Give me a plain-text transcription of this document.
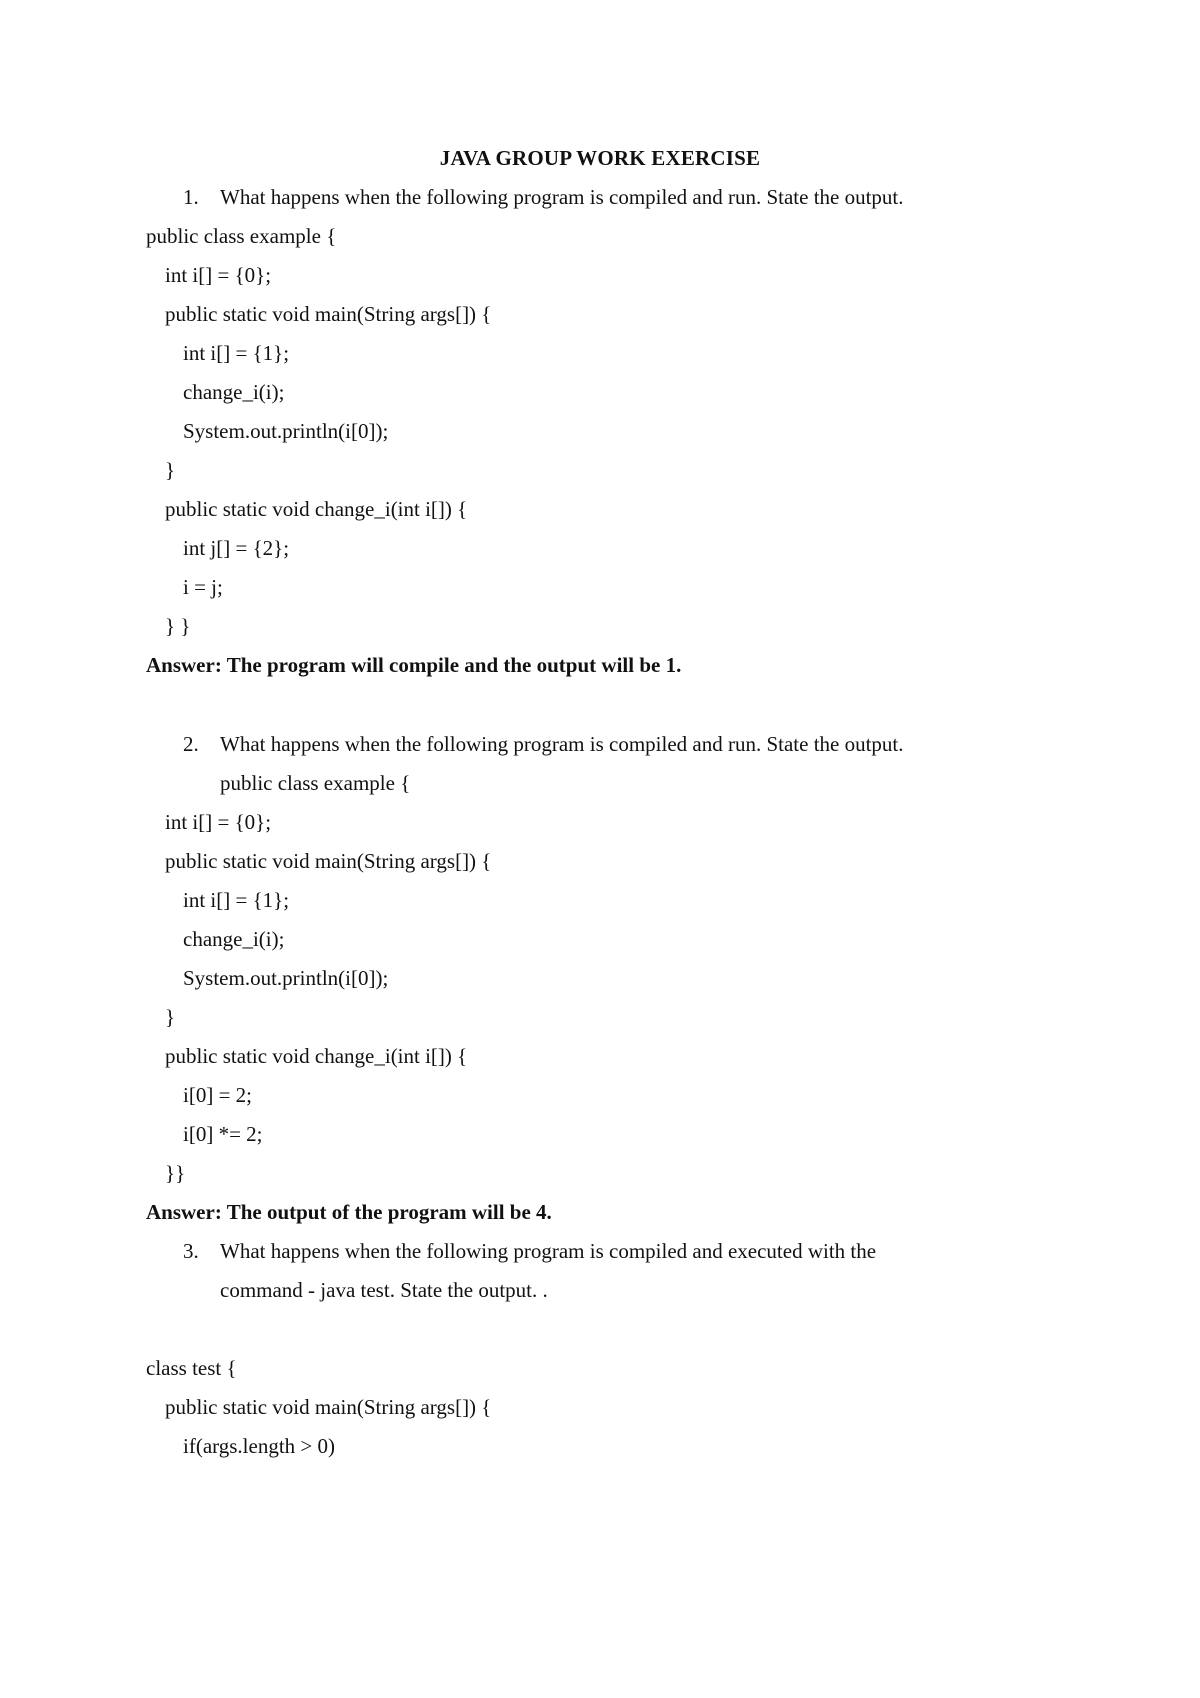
JAVA GROUP WORK EXERCISE
1. What happens when the following program is compiled and run. State the output.
public class example {
int i[] = {0};
public static void main(String args[]) {
int i[] = {1};
change_i(i);
System.out.println(i[0]);
}
public static void change_i(int i[]) {
int j[] = {2};
i = j;
} }
Answer: The program will compile and the output will be 1.
2. What happens when the following program is compiled and run. State the output.
public class example {
int i[] = {0};
public static void main(String args[]) {
int i[] = {1};
change_i(i);
System.out.println(i[0]);
}
public static void change_i(int i[]) {
i[0] = 2;
i[0] *= 2;
}}
Answer: The output of the program will be 4.
3. What happens when the following program is compiled and executed with the
command - java test. State the output. .
class test {
public static void main(String args[]) {
if(args.length > 0)
